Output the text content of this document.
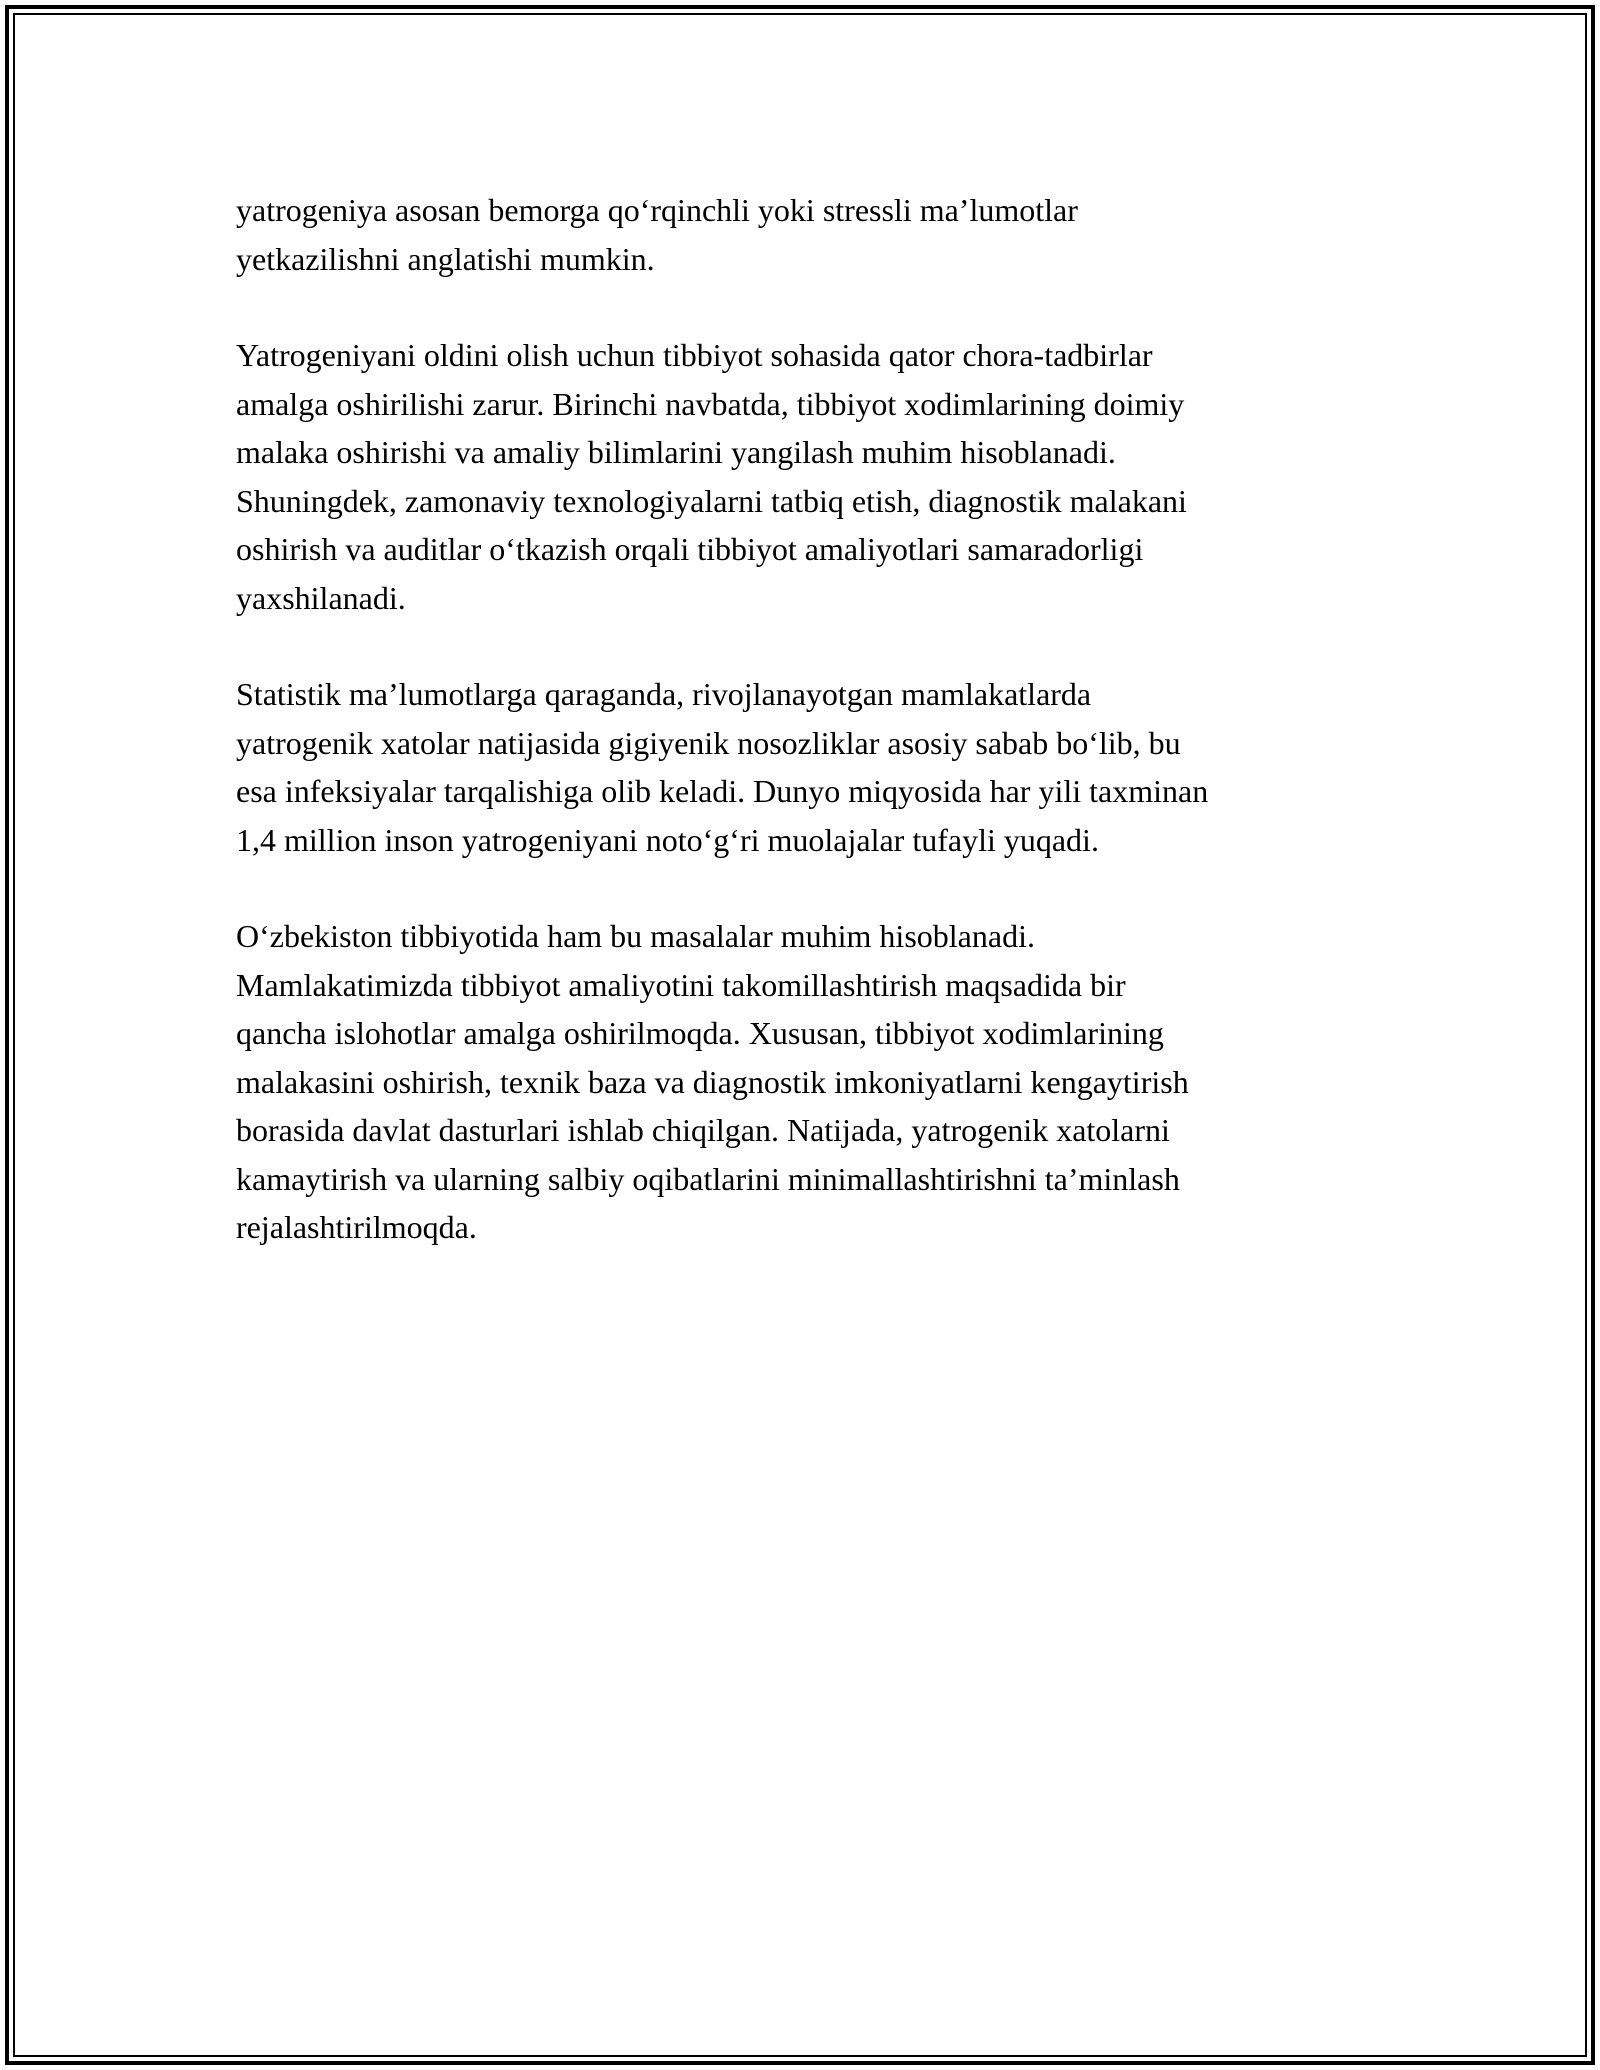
yatrogeniya asosan bemorga qo‘rqinchli yoki stressli ma’lumotlar
yetkazilishni anglatishi mumkin.

Yatrogeniyani oldini olish uchun tibbiyot sohasida qator chora-tadbirlar
amalga oshirilishi zarur. Birinchi navbatda, tibbiyot xodimlarining doimiy
malaka oshirishi va amaliy bilimlarini yangilash muhim hisoblanadi.
Shuningdek, zamonaviy texnologiyalarni tatbiq etish, diagnostik malakani
oshirish va auditlar o‘tkazish orqali tibbiyot amaliyotlari samaradorligi
yaxshilanadi.

Statistik ma’lumotlarga qaraganda, rivojlanayotgan mamlakatlarda
yatrogenik xatolar natijasida gigiyenik nosozliklar asosiy sabab bo‘lib, bu
esa infeksiyalar tarqalishiga olib keladi. Dunyo miqyosida har yili taxminan
1,4 million inson yatrogeniyani noto‘g‘ri muolajalar tufayli yuqadi.

O‘zbekiston tibbiyotida ham bu masalalar muhim hisoblanadi.
Mamlakatimizda tibbiyot amaliyotini takomillashtirish maqsadida bir
qancha islohotlar amalga oshirilmoqda. Xususan, tibbiyot xodimlarining
malakasini oshirish, texnik baza va diagnostik imkoniyatlarni kengaytirish
borasida davlat dasturlari ishlab chiqilgan. Natijada, yatrogenik xatolarni
kamaytirish va ularning salbiy oqibatlarini minimallashtirishni ta’minlash
rejalashtirilmoqda.
